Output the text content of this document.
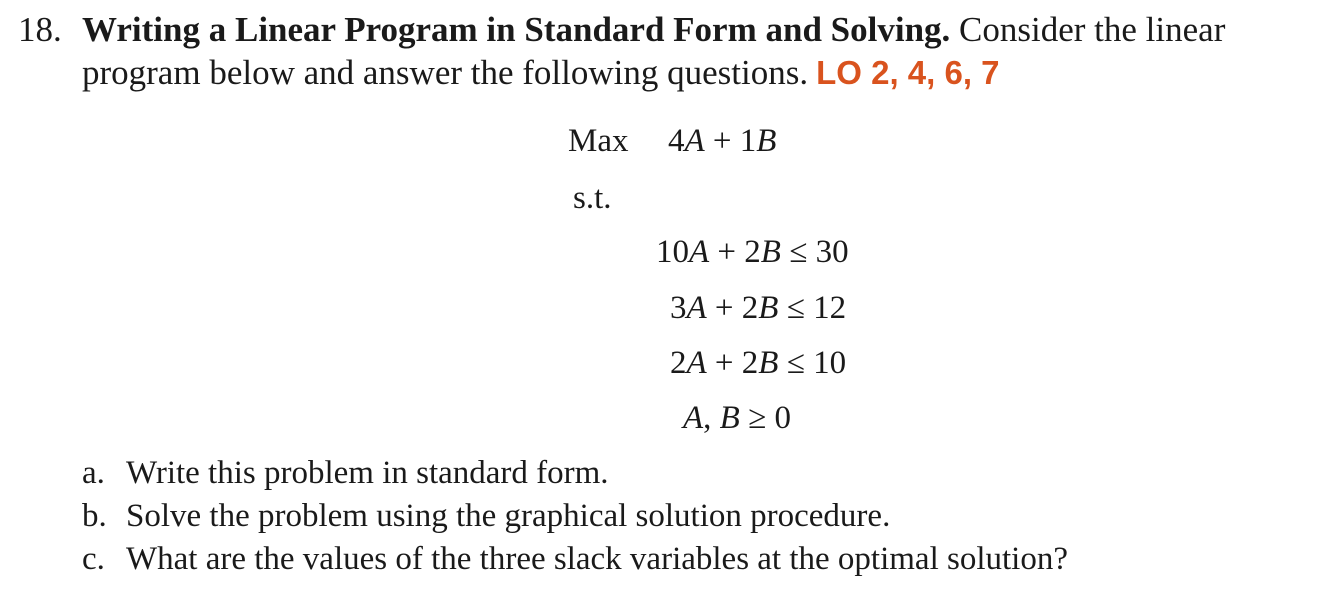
18. Writing a Linear Program in Standard Form and Solving. Consider the linear
program below and answer the following questions. LO 2, 4, 6, 7
Max 4A + 1B
s.t.
10A + 2B ≤ 30
3A + 2B ≤ 12
2A + 2B ≤ 10
A, B ≥ 0
a. Write this problem in standard form.
b. Solve the problem using the graphical solution procedure.
c. What are the values of the three slack variables at the optimal solution?
